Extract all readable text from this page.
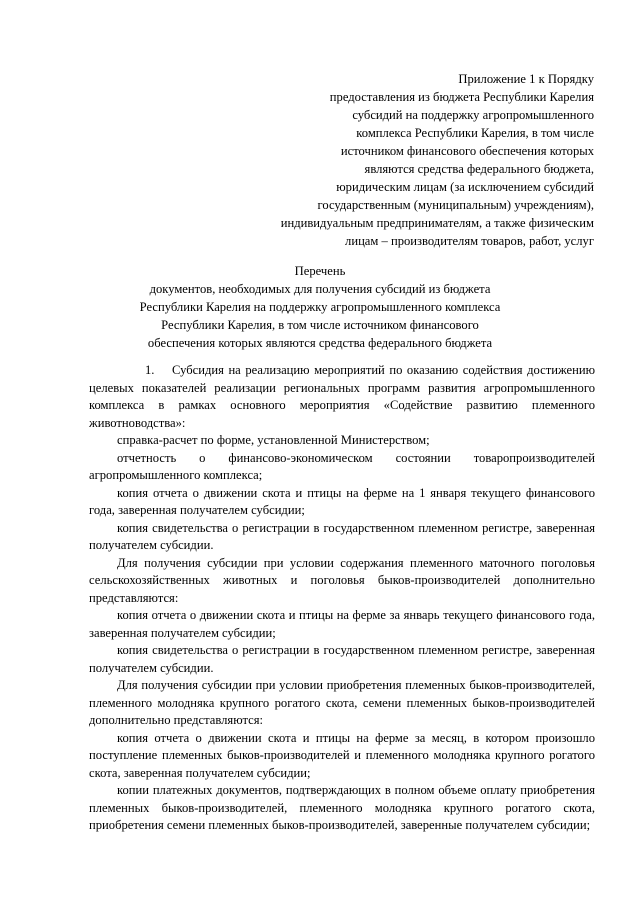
Приложение 1 к Порядку
предоставления из бюджета Республики Карелия
субсидий на поддержку агропромышленного
комплекса Республики Карелия, в том числе
источником финансового обеспечения которых
являются средства федерального бюджета,
юридическим лицам (за исключением субсидий
государственным (муниципальным) учреждениям),
индивидуальным предпринимателям, а также физическим
лицам – производителям товаров, работ, услуг
Перечень
документов, необходимых для получения субсидий из бюджета
Республики Карелия на поддержку агропромышленного комплекса
Республики Карелия, в том числе источником финансового
обеспечения которых являются средства федерального бюджета

1. Субсидия на реализацию мероприятий по оказанию содействия достижению целевых показателей реализации региональных программ развития агропромышленного комплекса в рамках основного мероприятия «Содействие развитию племенного животноводства»:

справка-расчет по форме, установленной Министерством;

отчетность о финансово-экономическом состоянии товаропроизводителей агропромышленного комплекса;

копия отчета о движении скота и птицы на ферме на 1 января текущего финансового года, заверенная получателем субсидии;

копия свидетельства о регистрации в государственном племенном регистре, заверенная получателем субсидии.

Для получения субсидии при условии содержания племенного маточного поголовья сельскохозяйственных животных и поголовья быков-производителей дополнительно представляются:

копия отчета о движении скота и птицы на ферме за январь текущего финансового года, заверенная получателем субсидии;

копия свидетельства о регистрации в государственном племенном регистре, заверенная получателем субсидии.

Для получения субсидии при условии приобретения племенных быков-производителей, племенного молодняка крупного рогатого скота, семени племенных быков-производителей дополнительно представляются:

копия отчета о движении скота и птицы на ферме за месяц, в котором произошло поступление племенных быков-производителей и племенного молодняка крупного рогатого скота, заверенная получателем субсидии;

копии платежных документов, подтверждающих в полном объеме оплату приобретения племенных быков-производителей, племенного молодняка крупного рогатого скота, приобретения семени племенных быков-производителей, заверенные получателем субсидии;
